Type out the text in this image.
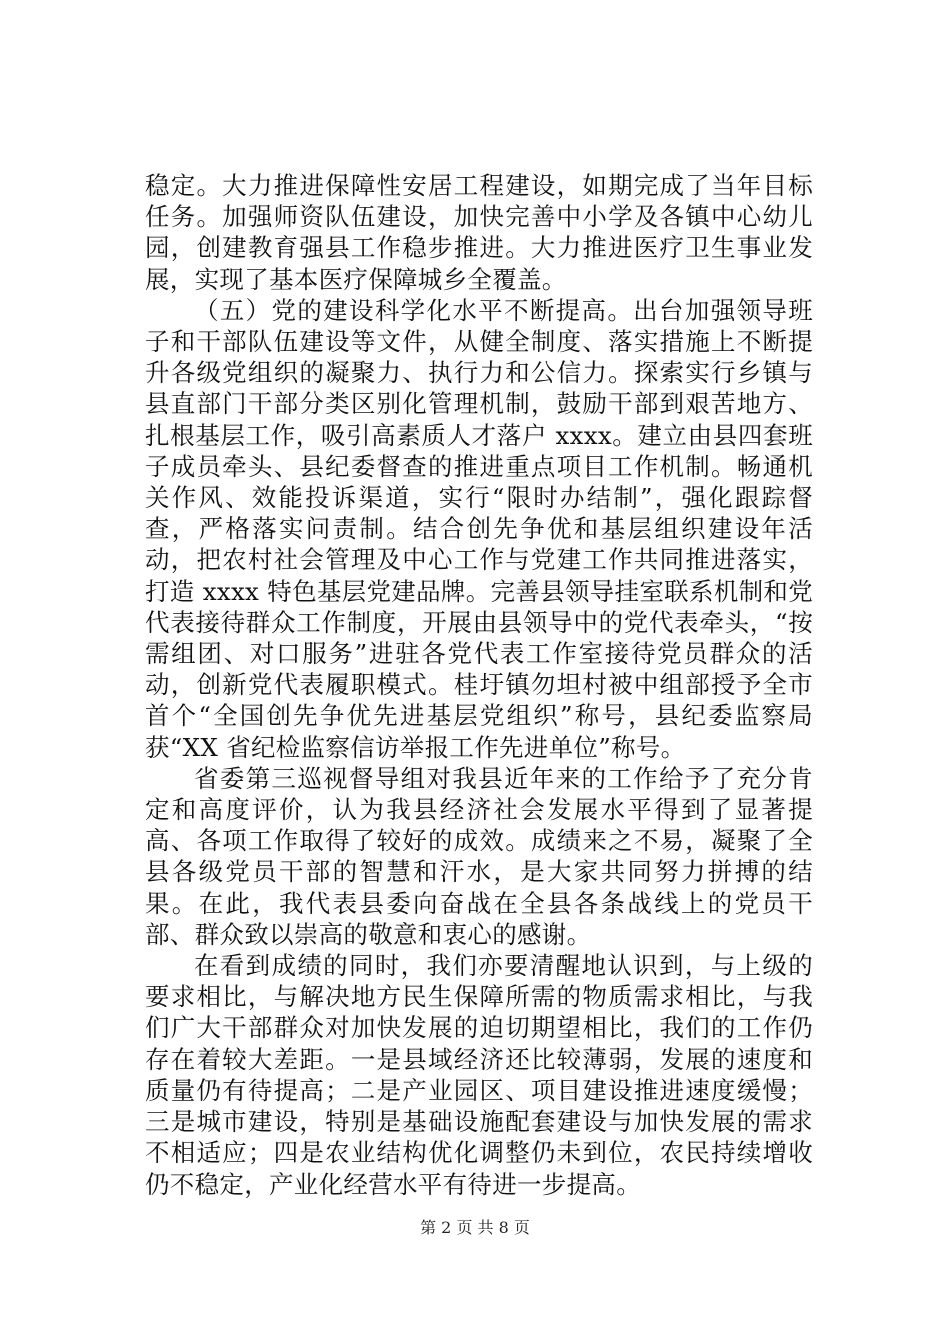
稳定。大力推进保障性安居工程建设，如期完成了当年目标任务。加强师资队伍建设，加快完善中小学及各镇中心幼儿园，创建教育强县工作稳步推进。大力推进医疗卫生事业发展，实现了基本医疗保障城乡全覆盖。

（五）党的建设科学化水平不断提高。出台加强领导班子和干部队伍建设等文件，从健全制度、落实措施上不断提升各级党组织的凝聚力、执行力和公信力。探索实行乡镇与县直部门干部分类区别化管理机制，鼓励干部到艰苦地方、扎根基层工作，吸引高素质人才落户 xxxx。建立由县四套班子成员牵头、县纪委督查的推进重点项目工作机制。畅通机关作风、效能投诉渠道，实行“限时办结制”，强化跟踪督查，严格落实问责制。结合创先争优和基层组织建设年活动，把农村社会管理及中心工作与党建工作共同推进落实，打造 xxxx 特色基层党建品牌。完善县领导挂室联系机制和党代表接待群众工作制度，开展由县领导中的党代表牵头，“按需组团、对口服务”进驻各党代表工作室接待党员群众的活动，创新党代表履职模式。桂圩镇勿坦村被中组部授予全市首个“全国创先争优先进基层党组织”称号，县纪委监察局获“XX 省纪检监察信访举报工作先进单位”称号。

省委第三巡视督导组对我县近年来的工作给予了充分肯定和高度评价，认为我县经济社会发展水平得到了显著提高、各项工作取得了较好的成效。成绩来之不易，凝聚了全县各级党员干部的智慧和汗水，是大家共同努力拼搏的结果。在此，我代表县委向奋战在全县各条战线上的党员干部、群众致以崇高的敬意和衷心的感谢。

在看到成绩的同时，我们亦要清醒地认识到，与上级的要求相比，与解决地方民生保障所需的物质需求相比，与我们广大干部群众对加快发展的迫切期望相比，我们的工作仍存在着较大差距。一是县域经济还比较薄弱，发展的速度和质量仍有待提高；二是产业园区、项目建设推进速度缓慢；三是城市建设，特别是基础设施配套建设与加快发展的需求不相适应；四是农业结构优化调整仍未到位，农民持续增收仍不稳定，产业化经营水平有待进一步提高。

第 2 页 共 8 页
